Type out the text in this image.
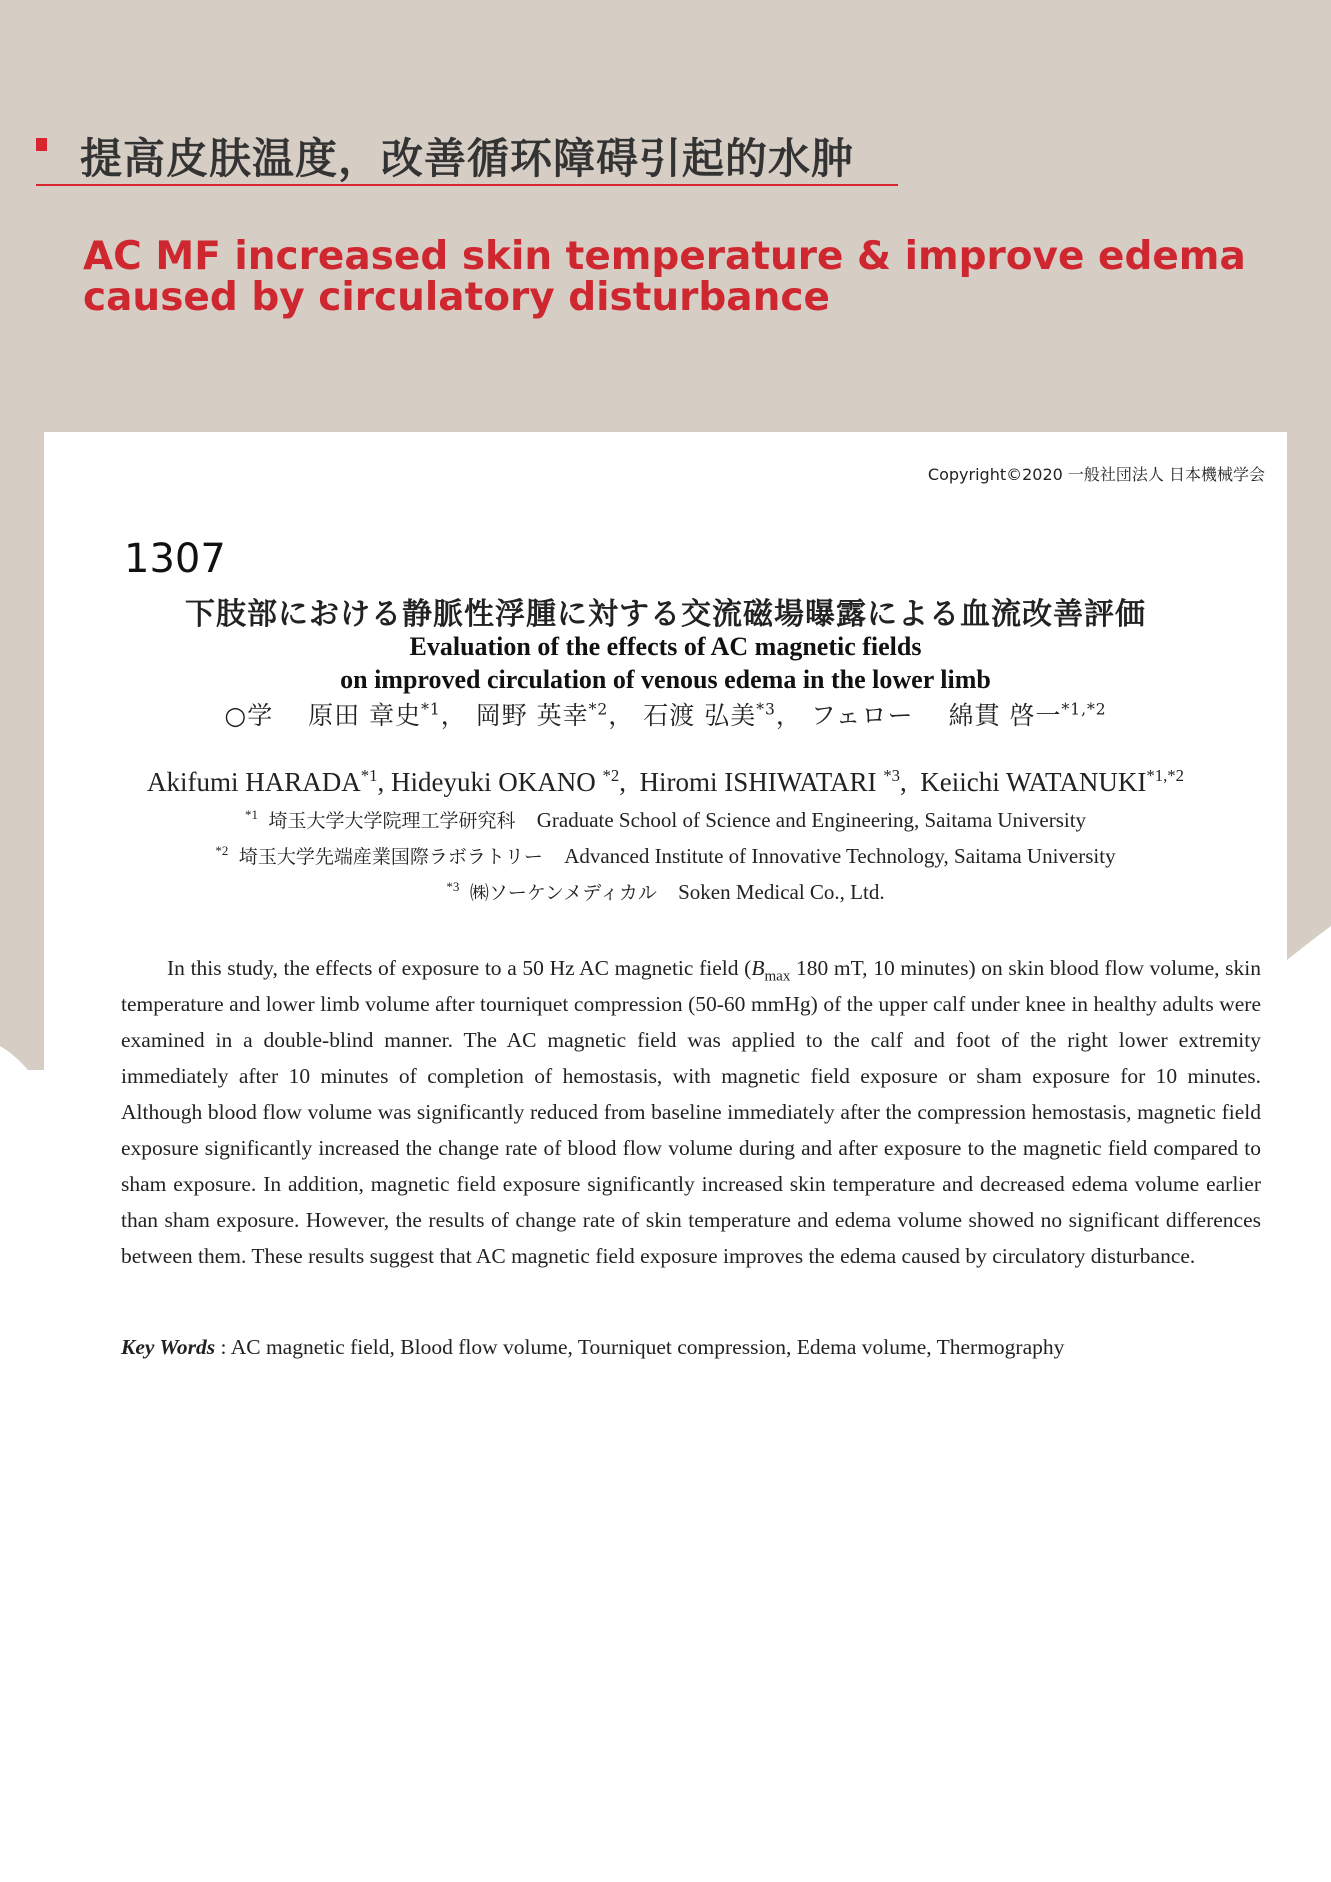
提高皮肤温度，改善循环障碍引起的水肿
AC MF increased skin temperature & improve edema caused by circulatory disturbance
Copyright©2020 一般社団法人 日本機械学会
1307
下肢部における静脈性浮腫に対する交流磁場曝露による血流改善評価
Evaluation of the effects of AC magnetic fields
on improved circulation of venous edema in the lower limb
○学　 原田 章史$^{*1}$， 岡野 英幸$^{*2}$， 石渡 弘美$^{*3}$， フェロー　 綿貫 啓一$^{*1,*2}$
Akifumi HARADA$^{*1}$, Hideyuki OKANO $^{*2}$,  Hiromi ISHIWATARI $^{*3}$,  Keiichi $WATANUKI^{*1,*2}$
$^{*1}$ 埼玉大学大学院理工学研究科 Graduate School of Science and Engineering, Saitama University
$^{*2}$ 埼玉大学先端産業国際ラボラトリー Advanced Institute of Innovative Technology, Saitama University
$^{*3}$ ㈱ソーケンメディカル Soken Medical Co., Ltd.

In this study, the effects of exposure to a 50 Hz AC magnetic field ($B_{max}$ 180 mT, 10 minutes) on skin blood flow volume, skin temperature and lower limb volume after tourniquet compression (50-60 mmHg) of the upper calf under knee in healthy adults were examined in a double-blind manner. The AC magnetic field was applied to the calf and foot of the right lower extremity immediately after 10 minutes of completion of hemostasis, with magnetic field exposure or sham exposure for 10 minutes. Although blood flow volume was significantly reduced from baseline immediately after the compression hemostasis, magnetic field exposure significantly increased the change rate of blood flow volume during and after exposure to the magnetic field compared to sham exposure. In addition, magnetic field exposure significantly increased skin temperature and decreased edema volume earlier than sham exposure. However, the results of change rate of skin temperature and edema volume showed no significant differences between them. These results suggest that AC magnetic field exposure improves the edema caused by circulatory disturbance.

Key Words : AC magnetic field, Blood flow volume, Tourniquet compression, Edema volume, Thermography
